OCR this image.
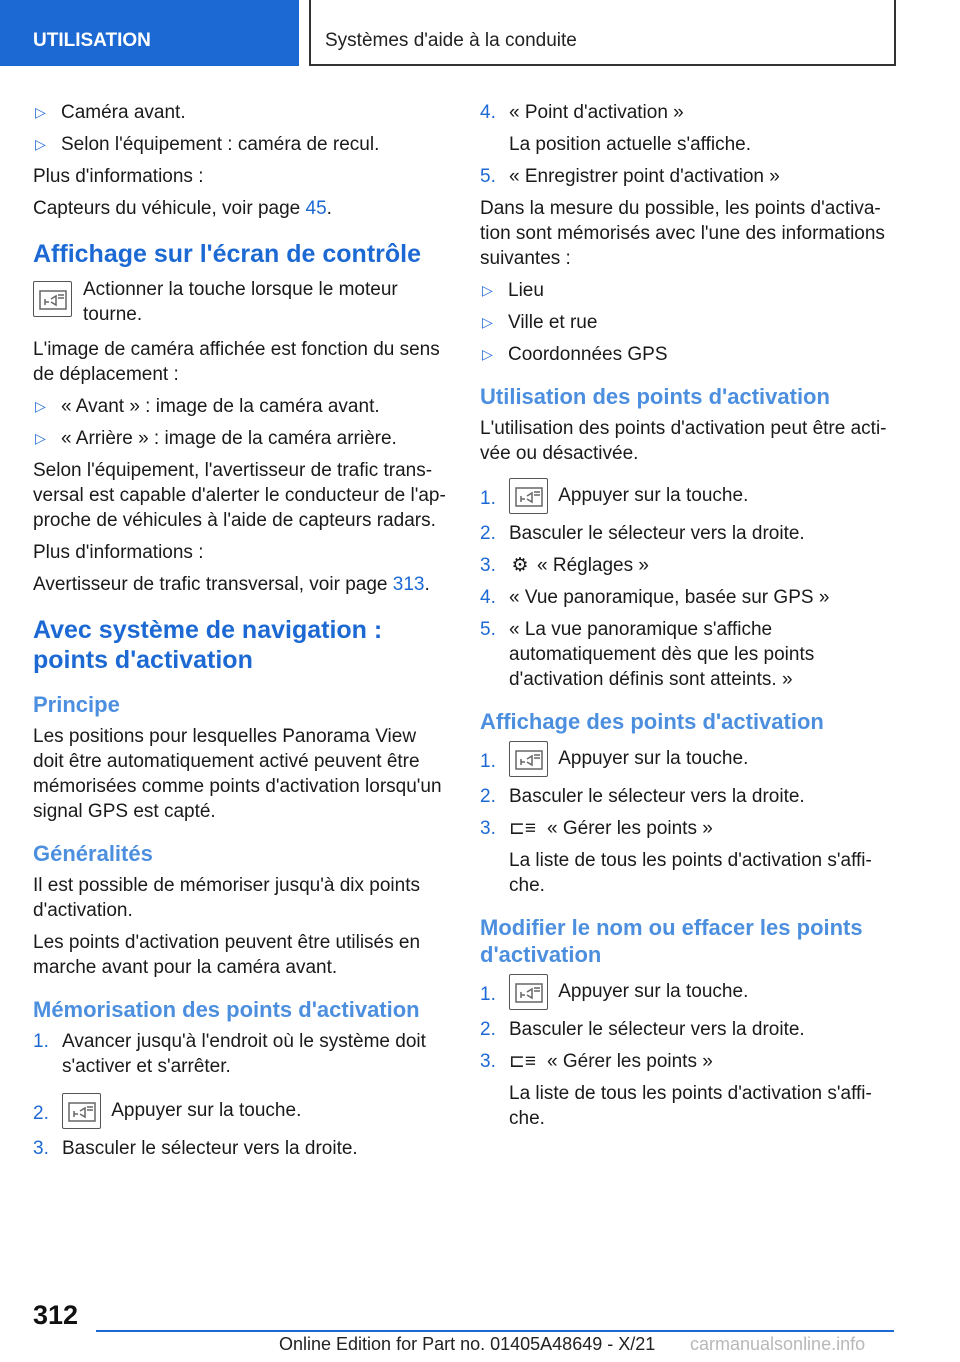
UTILISATION	Systèmes d'aide à la conduite
▷ Caméra avant.
▷ Selon l'équipement : caméra de recul.

Plus d'informations :

Capteurs du véhicule, voir page 45.

Affichage sur l'écran de contrôle

Actionner la touche lorsque le moteur tourne.

L'image de caméra affichée est fonction du sens de déplacement :

▷ « Avant » : image de la caméra avant.
▷ « Arrière » : image de la caméra arrière.

Selon l'équipement, l'avertisseur de trafic trans-versal est capable d'alerter le conducteur de l'ap-proche de véhicules à l'aide de capteurs radars.

Plus d'informations :

Avertisseur de trafic transversal, voir page 313.

Avec système de navigation : points d'activation
Principe

Les positions pour lesquelles Panorama View doit être automatiquement activé peuvent être mémorisées comme points d'activation lorsqu'un signal GPS est capté.

Généralités

Il est possible de mémoriser jusqu'à dix points d'activation.

Les points d'activation peuvent être utilisés en marche avant pour la caméra avant.

Mémorisation des points d'activation
1. Avancer jusqu'à l'endroit où le système doit s'activer et s'arrêter.
2.	Appuyer sur la touche.
3. Basculer le sélecteur vers la droite.
4. « Point d'activation »
La position actuelle s'affiche.
5. « Enregistrer point d'activation »

Dans la mesure du possible, les points d'activa-tion sont mémorisés avec l'une des informations suivantes :

▷ Lieu
▷ Ville et rue
▷ Coordonnées GPS
Utilisation des points d'activation

L'utilisation des points d'activation peut être acti-vée ou désactivée.

1.	Appuyer sur la touche.
2. Basculer le sélecteur vers la droite.
3. ⚙ « Réglages »
4. « Vue panoramique, basée sur GPS »
5. « La vue panoramique s'affiche automatiquement dès que les points d'activation définis sont atteints. »
Affichage des points d'activation
1.	Appuyer sur la touche.
2. Basculer le sélecteur vers la droite.
3. ⊏≡ « Gérer les points »
La liste de tous les points d'activation s'affi-che.
Modifier le nom ou effacer les points d'activation
1.	Appuyer sur la touche.
2. Basculer le sélecteur vers la droite.
3. ⊏≡ « Gérer les points »
La liste de tous les points d'activation s'affi-che.
312
Online Edition for Part no. 01405A48649 - X/21 carmanualsonline.info
